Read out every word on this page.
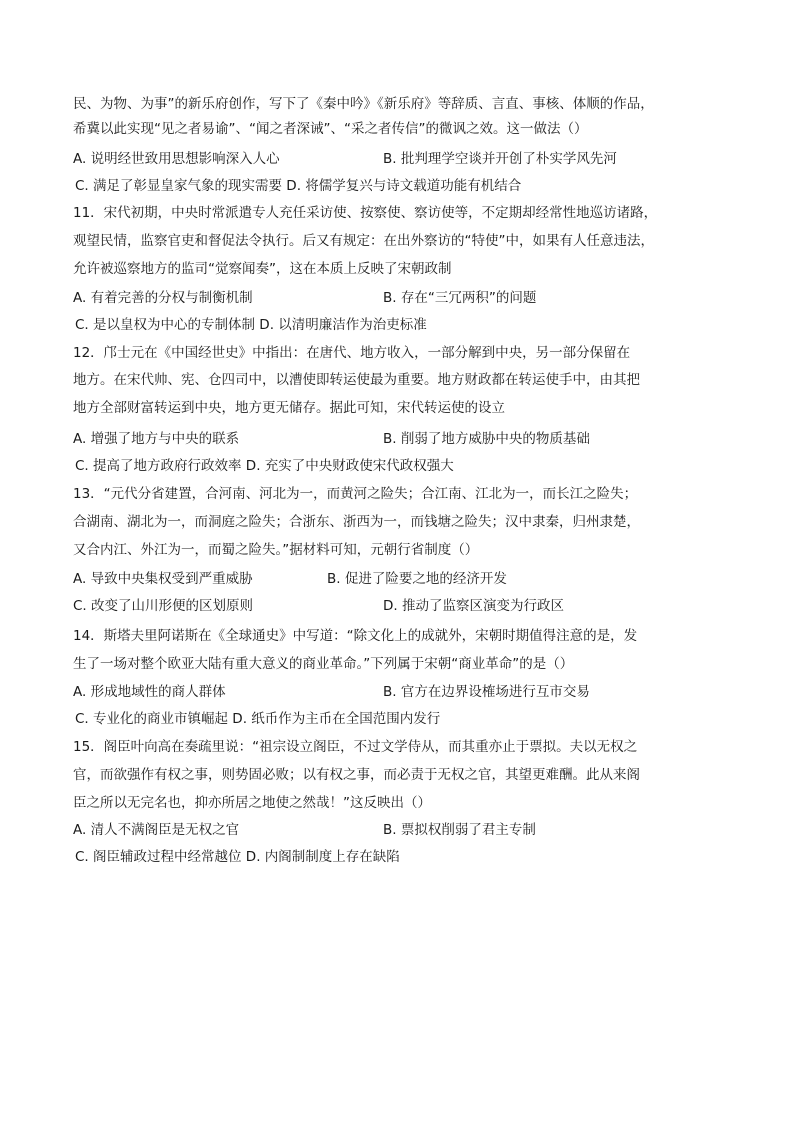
民、为物、为事”的新乐府创作，写下了《秦中吟》《新乐府》等辞质、言直、事核、体顺的作品，
希冀以此实现“见之者易谕”、“闻之者深诫”、“采之者传信”的微讽之效。这一做法（）
A. 说明经世致用思想影响深入人心	B. 批判理学空谈并开创了朴实学风先河
C. 满足了彰显皇家气象的现实需要 D. 将儒学复兴与诗文载道功能有机结合
11．宋代初期，中央时常派遣专人充任采访使、按察使、察访使等，不定期却经常性地巡访诸路，
观望民情，监察官吏和督促法令执行。后又有规定：在出外察访的“特使”中，如果有人任意违法，
允许被巡察地方的监司“觉察闻奏”，这在本质上反映了宋朝政制
A. 有着完善的分权与制衡机制	B. 存在“三冗两积”的问题
C. 是以皇权为中心的专制体制 D. 以清明廉洁作为治吏标准
12．邝士元在《中国经世史》中指出：在唐代、地方收入，一部分解到中央，另一部分保留在
地方。在宋代帅、宪、仓四司中，以漕使即转运使最为重要。地方财政都在转运使手中，由其把
地方全部财富转运到中央，地方更无储存。据此可知，宋代转运使的设立
A. 增强了地方与中央的联系	B. 削弱了地方威胁中央的物质基础
C. 提高了地方政府行政效率 D. 充实了中央财政使宋代政权强大
13．“元代分省建置，合河南、河北为一，而黄河之险失；合江南、江北为一，而长江之险失；
合湖南、湖北为一，而洞庭之险失；合浙东、浙西为一，而钱塘之险失；汉中隶秦，归州隶楚，
又合内江、外江为一，而蜀之险失。”据材料可知，元朝行省制度（）
A. 导致中央集权受到严重威胁	B. 促进了险要之地的经济开发
C. 改变了山川形便的区划原则	D. 推动了监察区演变为行政区
14．斯塔夫里阿诺斯在《全球通史》中写道：“除文化上的成就外，宋朝时期值得注意的是，发
生了一场对整个欧亚大陆有重大意义的商业革命。”下列属于宋朝“商业革命”的是（）
A. 形成地域性的商人群体	B. 官方在边界设榷场进行互市交易
C. 专业化的商业市镇崛起 D. 纸币作为主币在全国范围内发行
15．阁臣叶向高在奏疏里说：“祖宗设立阁臣，不过文学侍从，而其重亦止于票拟。夫以无权之
官，而欲强作有权之事，则势固必败；以有权之事，而必责于无权之官，其望更难酬。此从来阁
臣之所以无完名也，抑亦所居之地使之然哉！”这反映出（）
A. 清人不满阁臣是无权之官	B. 票拟权削弱了君主专制
C. 阁臣辅政过程中经常越位 D. 内阁制制度上存在缺陷
